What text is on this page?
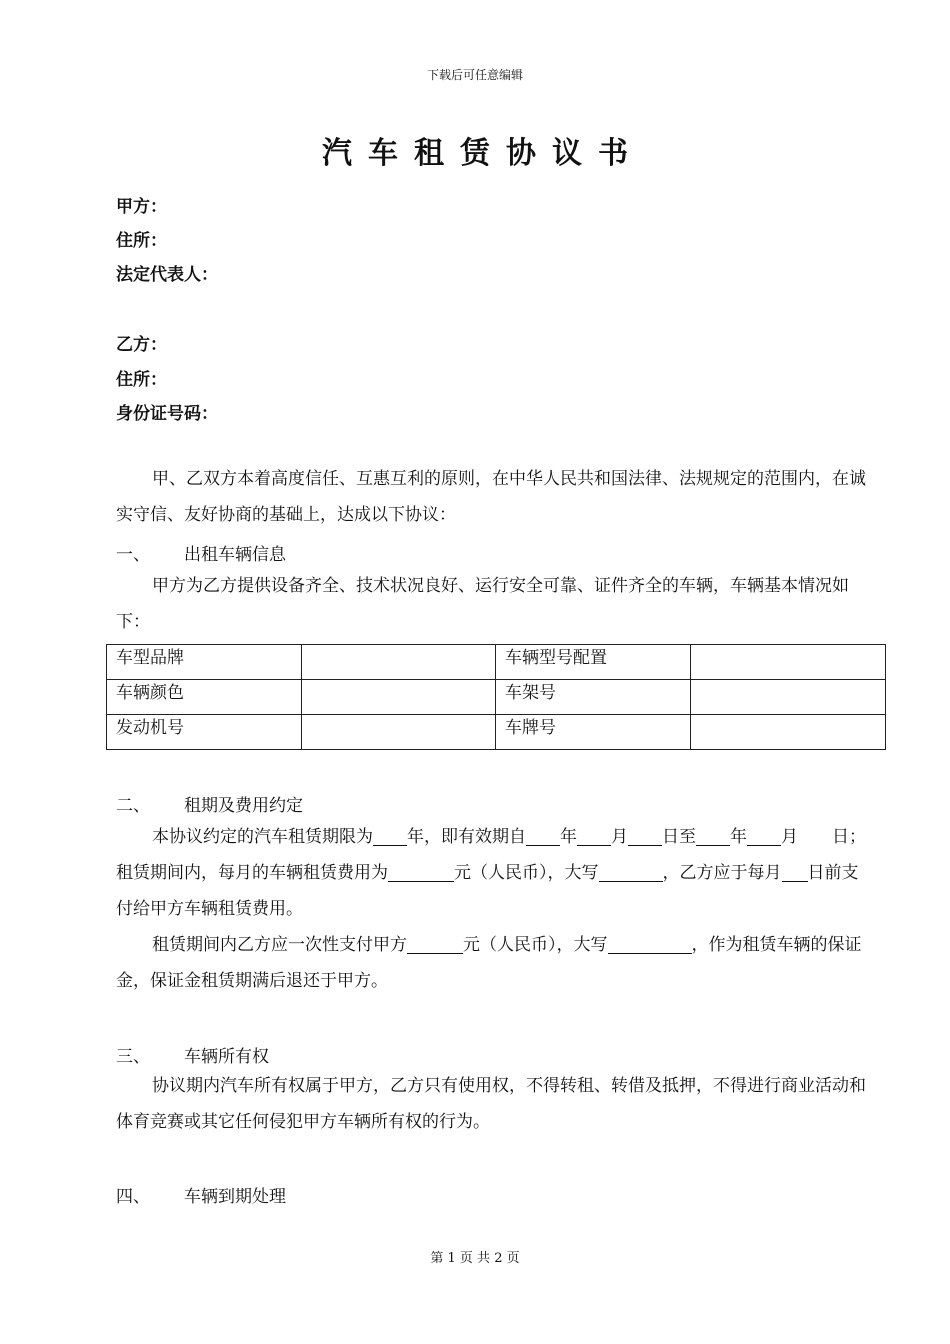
下载后可任意编辑
汽车租赁协议书
甲方：
住所：
法定代表人：
乙方：
住所：
身份证号码：
甲、乙双方本着高度信任、互惠互利的原则，在中华人民共和国法律、法规规定的范围内，在诚实守信、友好协商的基础上，达成以下协议：
一、 出租车辆信息
甲方为乙方提供设备齐全、技术状况良好、运行安全可靠、证件齐全的车辆，车辆基本情况如下：
车型品牌		车辆型号配置	
车辆颜色		车架号	
发动机号		车牌号	
二、 租期及费用约定
本协议约定的汽车租赁期限为 年，即有效期自 年 月 日至 年 月 日；租赁期间内，每月的车辆租赁费用为	元（人民币），大写	，乙方应于每月 日前支付给甲方车辆租赁费用。
租赁期间内乙方应一次性支付甲方	元（人民币），大写	，作为租赁车辆的保证金，保证金租赁期满后退还于甲方。
三、 车辆所有权
协议期内汽车所有权属于甲方，乙方只有使用权，不得转租、转借及抵押，不得进行商业活动和体育竞赛或其它任何侵犯甲方车辆所有权的行为。
四、 车辆到期处理
第 1 页 共 2 页
